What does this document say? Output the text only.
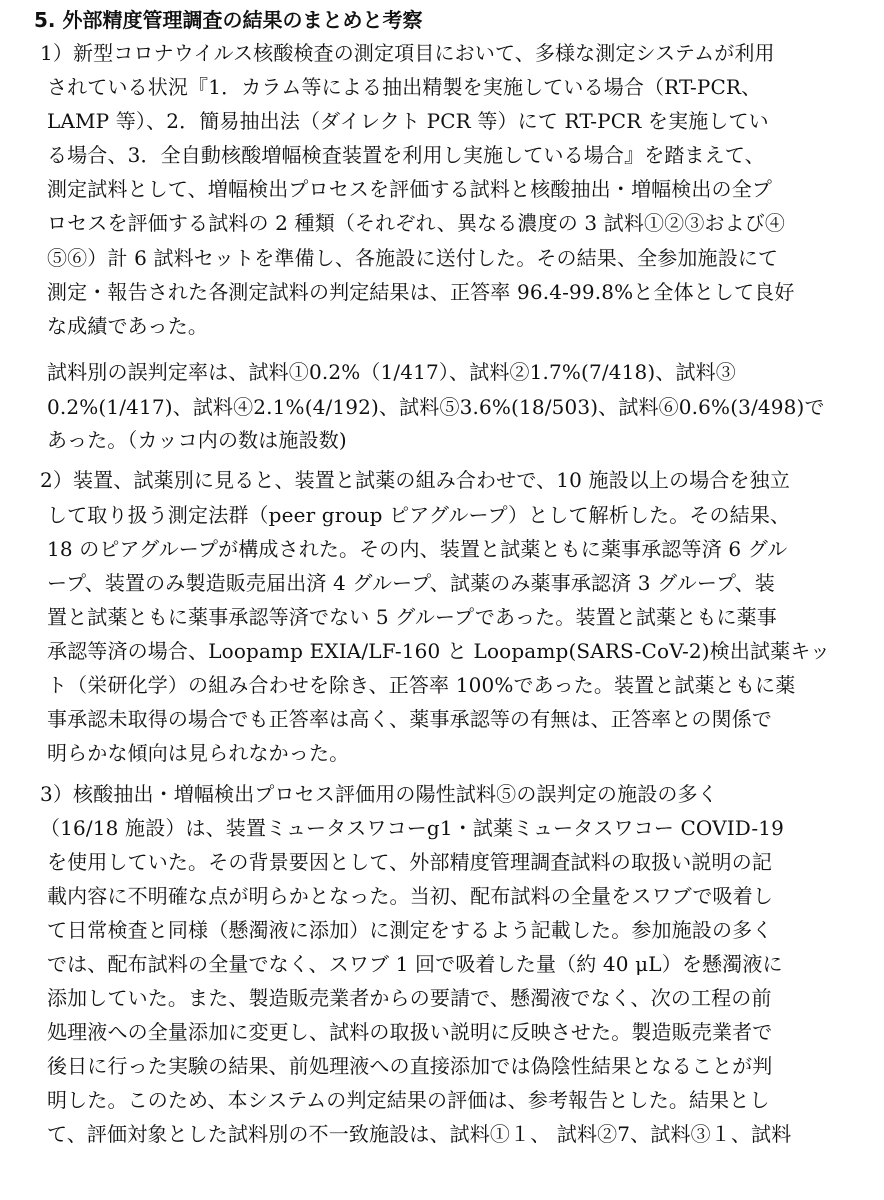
5. 外部精度管理調査の結果のまとめと考察
1）新型コロナウイルス核酸検査の測定項目において、多様な測定システムが利用
されている状況『1．カラム等による抽出精製を実施している場合（RT-PCR、
LAMP 等）、2．簡易抽出法（ダイレクト PCR 等）にて RT-PCR を実施してい
る場合、3．全自動核酸増幅検査装置を利用し実施している場合』を踏まえて、
測定試料として、増幅検出プロセスを評価する試料と核酸抽出・増幅検出の全プ
ロセスを評価する試料の 2 種類（それぞれ、異なる濃度の 3 試料①②③および④
⑤⑥）計 6 試料セットを準備し、各施設に送付した。その結果、全参加施設にて
測定・報告された各測定試料の判定結果は、正答率 96.4-99.8%と全体として良好
な成績であった。
試料別の誤判定率は、試料①0.2%（1/417）、試料②1.7%(7/418)、試料③
0.2%(1/417)、試料④2.1%(4/192)、試料⑤3.6%(18/503)、試料⑥0.6%(3/498)で
あった。（カッコ内の数は施設数)
2）装置、試薬別に見ると、装置と試薬の組み合わせで、10 施設以上の場合を独立
して取り扱う測定法群（peer group ピアグループ）として解析した。その結果、
18 のピアグループが構成された。その内、装置と試薬ともに薬事承認等済 6 グル
ープ、装置のみ製造販売届出済 4 グループ、試薬のみ薬事承認済 3 グループ、装
置と試薬ともに薬事承認等済でない 5 グループであった。装置と試薬ともに薬事
承認等済の場合、Loopamp EXIA/LF-160 と Loopamp(SARS-CoV-2)検出試薬キッ
ト（栄研化学）の組み合わせを除き、正答率 100%であった。装置と試薬ともに薬
事承認未取得の場合でも正答率は高く、薬事承認等の有無は、正答率との関係で
明らかな傾向は見られなかった。
3）核酸抽出・増幅検出プロセス評価用の陽性試料⑤の誤判定の施設の多く
（16/18 施設）は、装置ミュータスワコーg1・試薬ミュータスワコー COVID-19
を使用していた。その背景要因として、外部精度管理調査試料の取扱い説明の記
載内容に不明確な点が明らかとなった。当初、配布試料の全量をスワブで吸着し
て日常検査と同様（懸濁液に添加）に測定をするよう記載した。参加施設の多く
では、配布試料の全量でなく、スワブ 1 回で吸着した量（約 40 μL）を懸濁液に
添加していた。また、製造販売業者からの要請で、懸濁液でなく、次の工程の前
処理液への全量添加に変更し、試料の取扱い説明に反映させた。製造販売業者で
後日に行った実験の結果、前処理液への直接添加では偽陰性結果となることが判
明した。このため、本システムの判定結果の評価は、参考報告とした。結果とし
て、評価対象とした試料別の不一致施設は、試料①１、 試料②7、試料③１、試料
